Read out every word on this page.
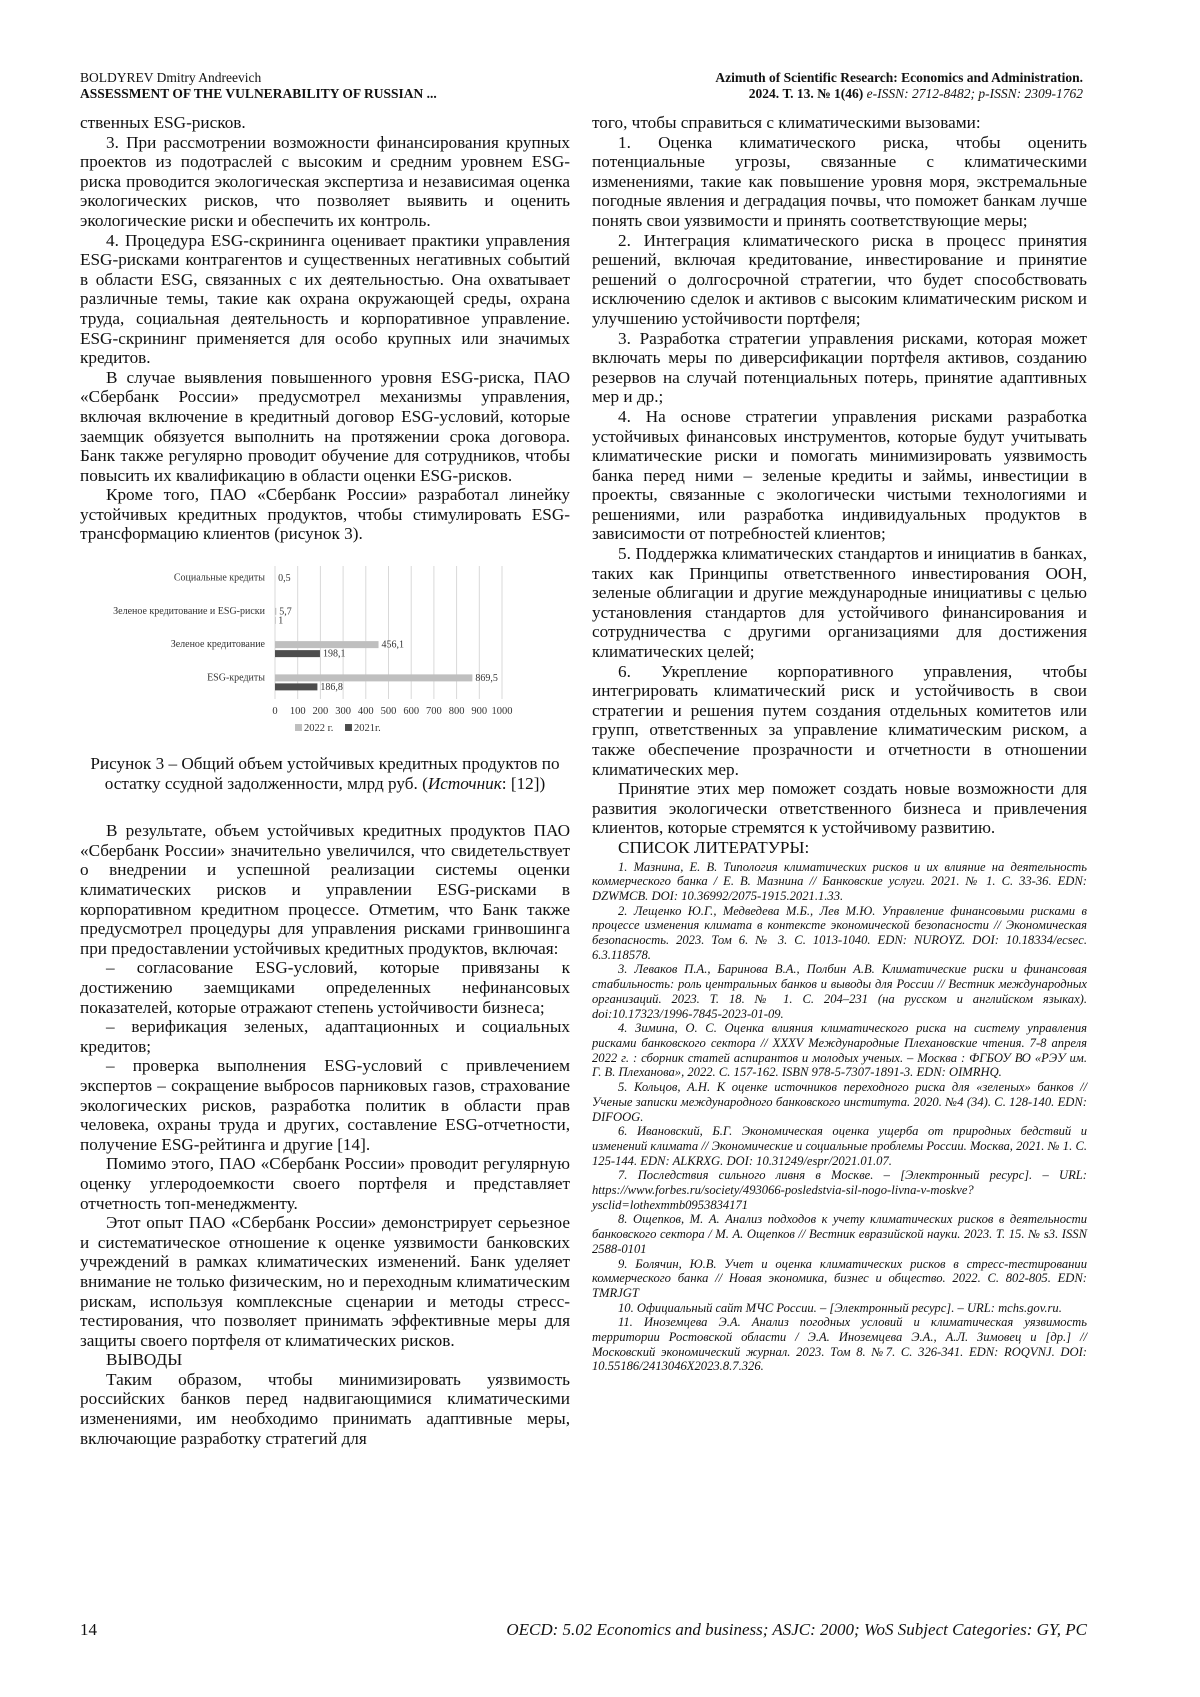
BOLDYREV Dmitry Andreevich
ASSESSMENT OF THE VULNERABILITY OF RUSSIAN ...
Azimuth of Scientific Research: Economics and Administration.
2024. Т. 13. № 1(46) e-ISSN: 2712-8482; p-ISSN: 2309-1762

ственных ESG-рисков.

3. При рассмотрении возможности финансирования крупных проектов из подотраслей с высоким и средним уровнем ESG-риска проводится экологическая экспертиза и независимая оценка экологических рисков, что позволяет выявить и оценить экологические риски и обеспечить их контроль.

4. Процедура ESG-скрининга оценивает практики управления ESG-рисками контрагентов и существенных негативных событий в области ESG, связанных с их деятельностью. Она охватывает различные темы, такие как охрана окружающей среды, охрана труда, социальная деятельность и корпоративное управление. ESG-скрининг применяется для особо крупных или значимых кредитов.

В случае выявления повышенного уровня ESG-риска, ПАО «Сбербанк России» предусмотрел механизмы управления, включая включение в кредитный договор ESG-условий, которые заемщик обязуется выполнить на протяжении срока договора. Банк также регулярно проводит обучение для сотрудников, чтобы повысить их квалификацию в области оценки ESG-рисков.

Кроме того, ПАО «Сбербанк России» разработал линейку устойчивых кредитных продуктов, чтобы стимулировать ESG-трансформацию клиентов (рисунок 3).

0 100 200 300 400 500 600 700 800 900 1000
Социальные кредиты 0,5
Зеленое кредитование и ESG-риски 5,7
1
Зеленое кредитование	456,1
198,1
ESG-кредиты	869,5
186,8
2022 г. 2021г.

Рисунок 3 – Общий объем устойчивых кредитных продуктов по остатку ссудной задолженности, млрд руб. (Источник: [12])

В результате, объем устойчивых кредитных продуктов ПАО «Сбербанк России» значительно увеличился, что свидетельствует о внедрении и успешной реализации системы оценки климатических рисков и управлении ESG-рисками в корпоративном кредитном процессе. Отметим, что Банк также предусмотрел процедуры для управления рисками гринвошинга при предоставлении устойчивых кредитных продуктов, включая:

– согласование ESG-условий, которые привязаны к достижению заемщиками определенных нефинансовых показателей, которые отражают степень устойчивости бизнеса;

– верификация зеленых, адаптационных и социальных кредитов;

– проверка выполнения ESG-условий с привлечением экспертов – сокращение выбросов парниковых газов, страхование экологических рисков, разработка политик в области прав человека, охраны труда и других, составление ESG-отчетности, получение ESG-рейтинга и другие [14].

Помимо этого, ПАО «Сбербанк России» проводит регулярную оценку углеродоемкости своего портфеля и представляет отчетность топ-менеджменту.

Этот опыт ПАО «Сбербанк России» демонстрирует серьезное и систематическое отношение к оценке уязвимости банковских учреждений в рамках климатических изменений. Банк уделяет внимание не только физическим, но и переходным климатическим рискам, используя комплексные сценарии и методы стресс-тестирования, что позволяет принимать эффективные меры для защиты своего портфеля от климатических рисков.

ВЫВОДЫ

Таким образом, чтобы минимизировать уязвимость российских банков перед надвигающимися климатическими изменениями, им необходимо принимать адаптивные меры, включающие разработку стратегий для

того, чтобы справиться с климатическими вызовами:

1. Оценка климатического риска, чтобы оценить потенциальные угрозы, связанные с климатическими изменениями, такие как повышение уровня моря, экстремальные погодные явления и деградация почвы, что поможет банкам лучше понять свои уязвимости и принять соответствующие меры;

2. Интеграция климатического риска в процесс принятия решений, включая кредитование, инвестирование и принятие решений о долгосрочной стратегии, что будет способствовать исключению сделок и активов с высоким климатическим риском и улучшению устойчивости портфеля;

3. Разработка стратегии управления рисками, которая может включать меры по диверсификации портфеля активов, созданию резервов на случай потенциальных потерь, принятие адаптивных мер и др.;

4. На основе стратегии управления рисками разработка устойчивых финансовых инструментов, которые будут учитывать климатические риски и помогать минимизировать уязвимость банка перед ними – зеленые кредиты и займы, инвестиции в проекты, связанные с экологически чистыми технологиями и решениями, или разработка индивидуальных продуктов в зависимости от потребностей клиентов;

5. Поддержка климатических стандартов и инициатив в банках, таких как Принципы ответственного инвестирования ООН, зеленые облигации и другие международные инициативы с целью установления стандартов для устойчивого финансирования и сотрудничества с другими организациями для достижения климатических целей;

6. Укрепление корпоративного управления, чтобы интегрировать климатический риск и устойчивость в свои стратегии и решения путем создания отдельных комитетов или групп, ответственных за управление климатическим риском, а также обеспечение прозрачности и отчетности в отношении климатических мер.

Принятие этих мер поможет создать новые возможности для развития экологически ответственного бизнеса и привлечения клиентов, которые стремятся к устойчивому развитию.

СПИСОК ЛИТЕРАТУРЫ:

1. Мазнина, Е. В. Типология климатических рисков и их влияние на деятельность коммерческого банка / Е. В. Мазнина // Банковские услуги. 2021. № 1. С. 33-36. EDN: DZWMCB. DOI: 10.36992/2075-1915.2021.1.33.

2. Лещенко Ю.Г., Медведева М.Б., Лев М.Ю. Управление финансовыми рисками в процессе изменения климата в контексте экономической безопасности // Экономическая безопасность. 2023. Том 6. № 3. С. 1013-1040. EDN: NUROYZ. DOI: 10.18334/ecsec. 6.3.118578.

3. Леваков П.А., Баринова В.А., Полбин А.В. Климатические риски и финансовая стабильность: роль центральных банков и выводы для России // Вестник международных организаций. 2023. Т. 18. № 1. С. 204–231 (на русском и английском языках). doi:10.17323/1996-7845-2023-01-09.

4. Зимина, О. С. Оценка влияния климатического риска на систему управления рисками банковского сектора // XXXV Международные Плехановские чтения. 7-8 апреля 2022 г. : сборник статей аспирантов и молодых ученых. – Москва : ФГБОУ ВО «РЭУ им. Г. В. Плеханова», 2022. С. 157-162. ISBN 978-5-7307-1891-3. EDN: OIMRHQ.

5. Кольцов, А.Н. К оценке источников переходного риска для «зеленых» банков // Ученые записки международного банковского института. 2020. №4 (34). С. 128-140. EDN: DIFOOG.

6. Ивановский, Б.Г. Экономическая оценка ущерба от природных бедствий и изменений климата // Экономические и социальные проблемы России. Москва, 2021. № 1. С. 125-144. EDN: ALKRXG. DOI: 10.31249/espr/2021.01.07.

7. Последствия сильного ливня в Москве. – [Электронный ресурс]. – URL: https://www.forbes.ru/society/493066-posledstvia-sil-nogo-livna-v-moskve?ysclid=lothexmmb0953834171

8. Ощепков, М. А. Анализ подходов к учету климатических рисков в деятельности банковского сектора / М. А. Ощепков // Вестник евразийской науки. 2023. Т. 15. № s3. ISSN 2588-0101

9. Болячин, Ю.В. Учет и оценка климатических рисков в стресс-тестировании коммерческого банка // Новая экономика, бизнес и общество. 2022. С. 802-805. EDN: TMRJGT

10. Официальный сайт МЧС России. – [Электронный ресурс]. – URL: mchs.gov.ru.

11. Иноземцева Э.А. Анализ погодных условий и климатическая уязвимость территории Ростовской области / Э.А. Иноземцева Э.А., А.Л. Зимовец и [др.] // Московский экономический журнал. 2023. Том 8. №7. С. 326-341. EDN: ROQVNJ. DOI: 10.55186/2413046X2023.8.7.326.

14	OECD: 5.02 Economics and business; ASJC: 2000; WoS Subject Categories: GY, PC
